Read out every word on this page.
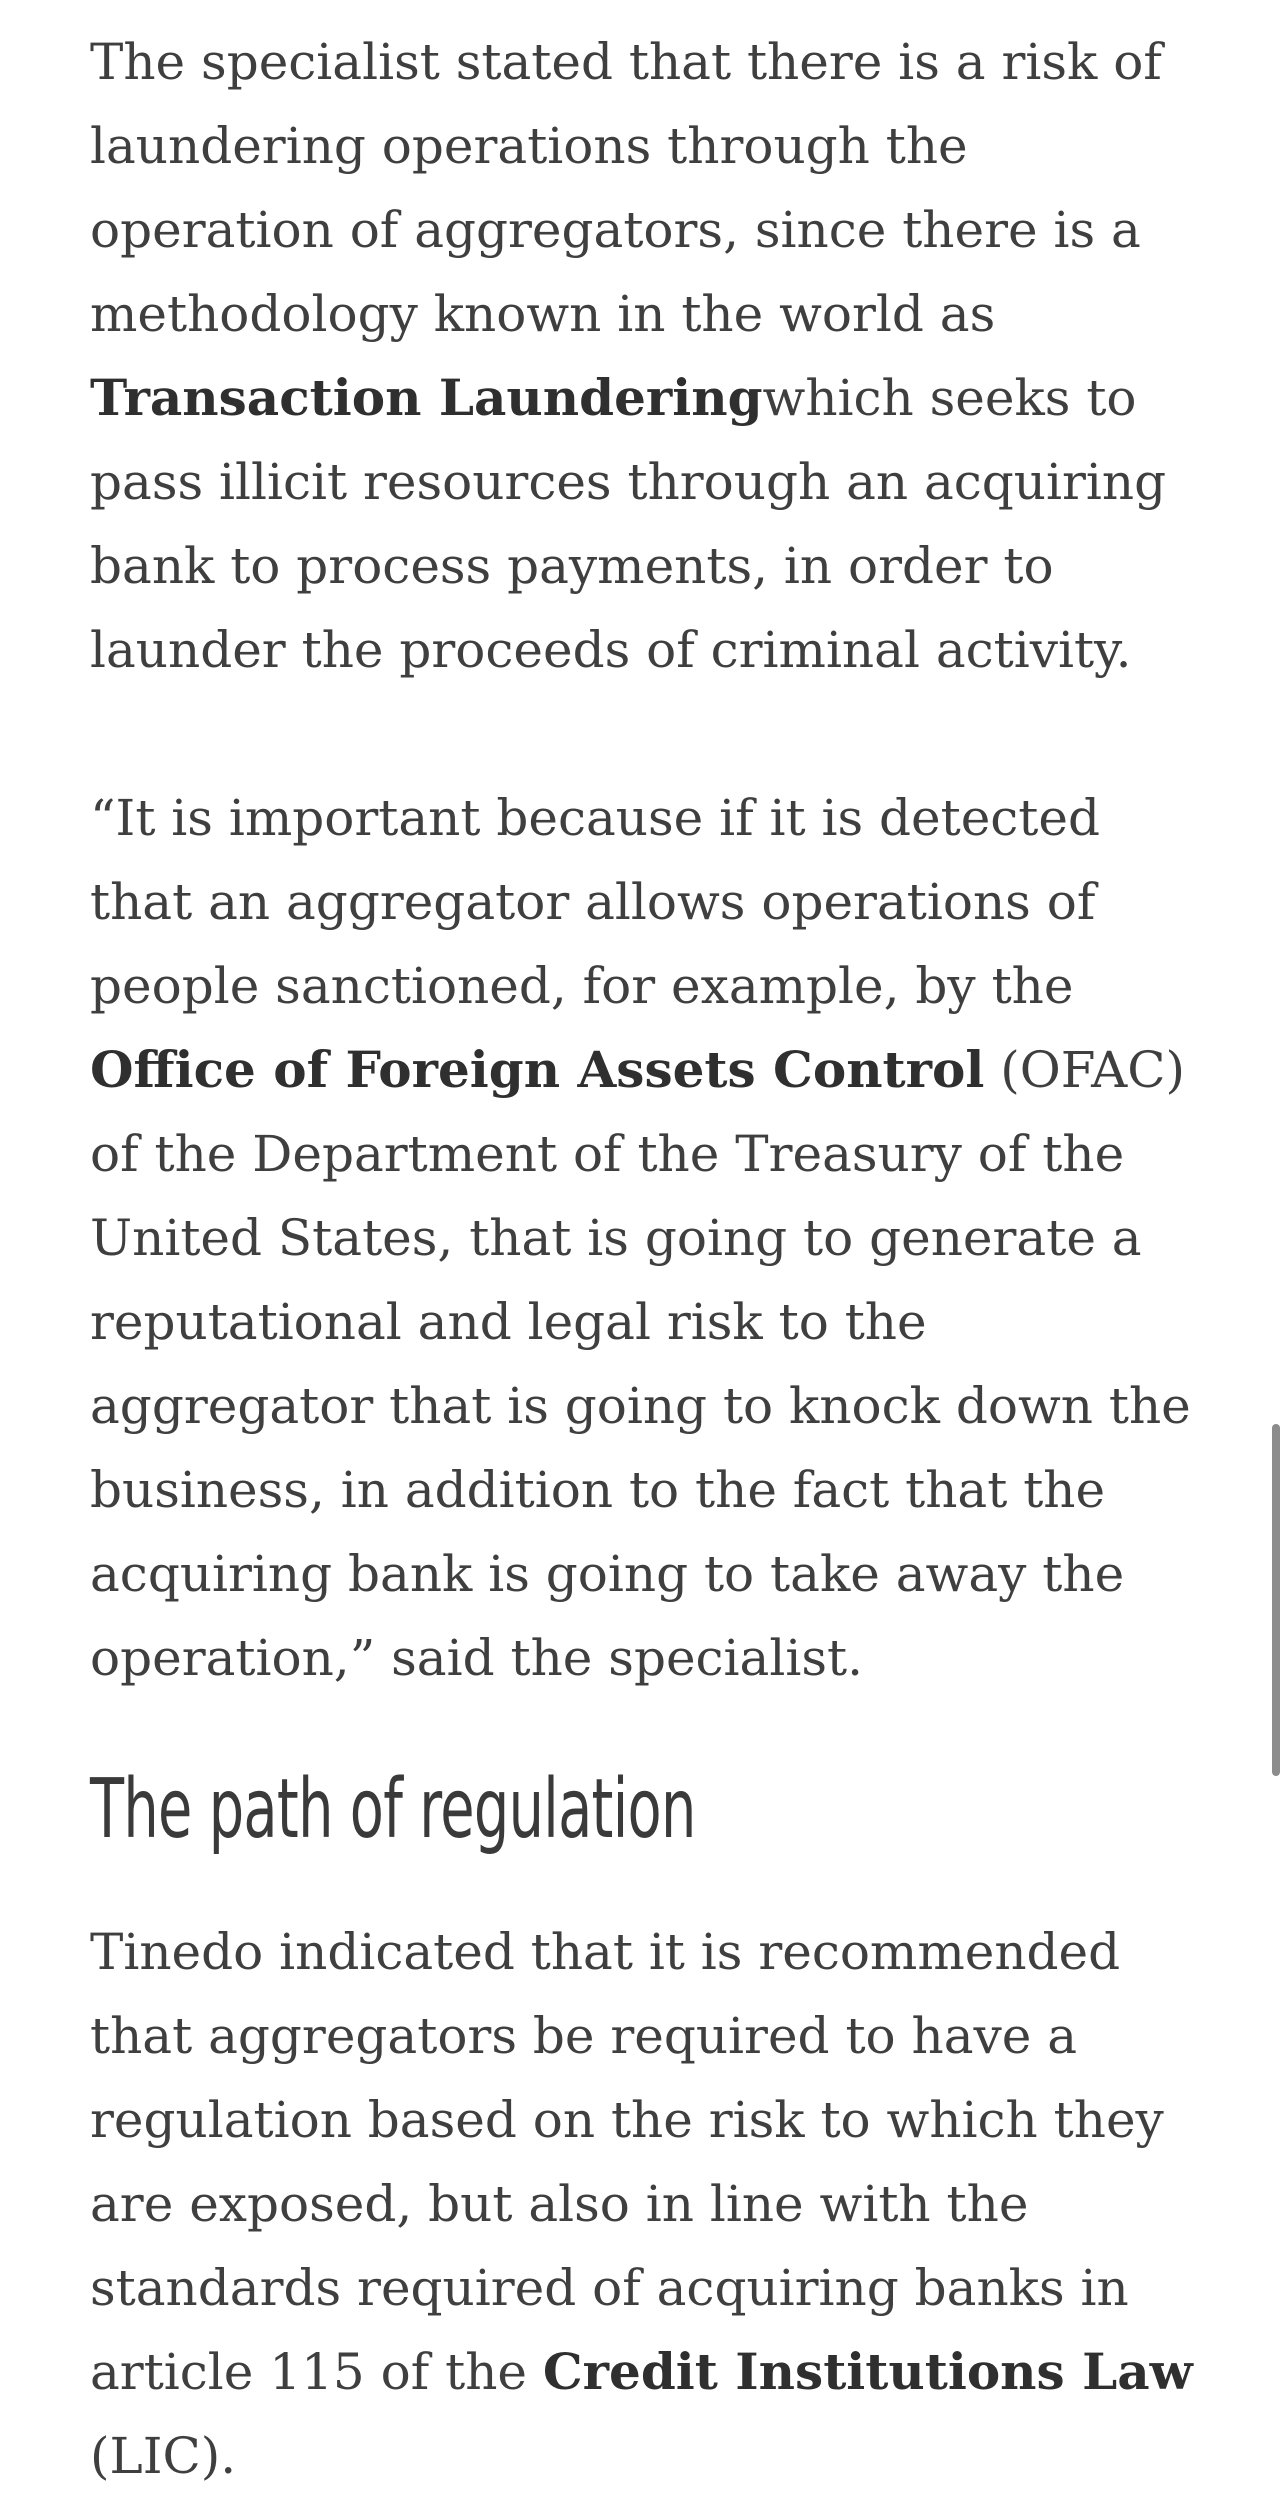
The specialist stated that there is a risk of laundering operations through the operation of aggregators, since there is a methodology known in the world as Transaction Launderingwhich seeks to pass illicit resources through an acquiring bank to process payments, in order to launder the proceeds of criminal activity.

“It is important because if it is detected that an aggregator allows operations of people sanctioned, for example, by the Office of Foreign Assets Control (OFAC) of the Department of the Treasury of the United States, that is going to generate a reputational and legal risk to the aggregator that is going to knock down the business, in addition to the fact that the acquiring bank is going to take away the operation,” said the specialist.

The path of regulation

Tinedo indicated that it is recommended that aggregators be required to have a regulation based on the risk to which they are exposed, but also in line with the standards required of acquiring banks in article 115 of the Credit Institutions Law (LIC).
